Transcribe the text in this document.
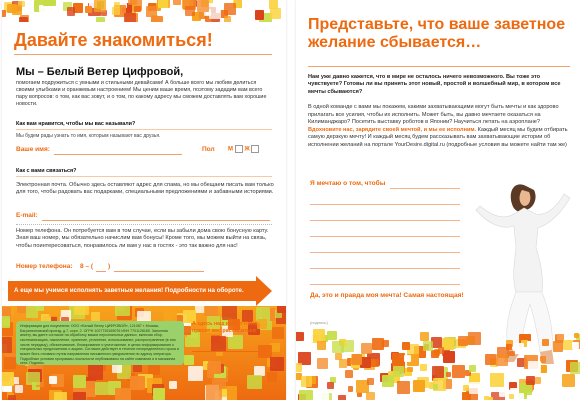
Давайте знакомиться!
Мы – Белый Ветер Цифровой,
помогаем подружиться с умными и стильными девайсами! А больше всего мы любим делиться своими улыбками и оранжевым настроением! Мы ценим ваше время, поэтому зададим вам всего пару вопросов: о том, как вас зовут, и о том, по какому адресу мы сможем доставлять вам хорошие новости.
Как вам нравится, чтобы мы вас называли?
Мы будем рады узнать то имя, которым называют вас друзья.
Ваше имя:	Пол М Ж
Как с вами связаться?
Электронная почта. Обычно здесь оставляют адрес для спама, но мы обещаем писать вам только для того, чтобы радовать вас подарками, специальными предложениями и забавными историями.
E-mail:
Номер телефона. Он потребуется вам в том случае, если вы забыли дома свою бонусную карту. Зная ваш номер, мы обязательно начислим вам бонусы! Кроме того, мы можем выйти на связь, чтобы поинтересоваться, понравилось ли вам у нас в гостях - это так важно для нас!
Номер телефона: 8 – ( )
А еще мы учимся исполнять заветные желания! Подробности на обороте.
Информация для покупателя: ООО «Белый Ветер ЦИФРОВОЙ», 121087 г. Москва, Багратионовский проезд, д.7, корп. 2. ОГРН 1027739169076 ИНН 7701128180. Заполняя анкету, вы даете согласие на обработку ваших персональных данных, включая сбор, систематизацию, накопление, хранение, уточнение, использование, распространение (в том числе передачу), обезличивание, блокирование и уничтожение, в целях информирования о специальных предложениях и акциях. Согласие действует в течение неопределенного срока и может быть отозвано путем направления письменного уведомления по адресу оператора. Подробные условия программы лояльности опубликованы на сайте компании и в магазинах сети. Подпись:
А здесь наш юрист Лина просит вас расписаться
Представьте, что ваше заветное желание сбывается…
Нам уже давно кажется, что в мире не осталось ничего невозможного. Вы тоже это чувствуете? Готовы ли вы принять этот новый, простой и волшебный мир, в котором все мечты сбываются?
В одной команде с вами мы покажем, какими захватывающими могут быть мечты и как здорово прилагать все усилия, чтобы их исполнить. Может быть, вы давно мечтаете оказаться на Килиманджаро? Посетить выставку роботов в Японии? Научиться летать на аэроплане? Вдохновите нас, зарядите своей мечтой, и мы ее исполним. Каждый месяц мы будем отбирать самую дерзкую мечту! И каждый месяц будем рассказывать вам захватывающие истории об исполнении желаний на портале YourDesire.digital.ru (подробные условия вы можете найти там же)
Я мечтаю о том, чтобы
Да, это и правда моя мечта! Самая настоящая!
(подпись)
